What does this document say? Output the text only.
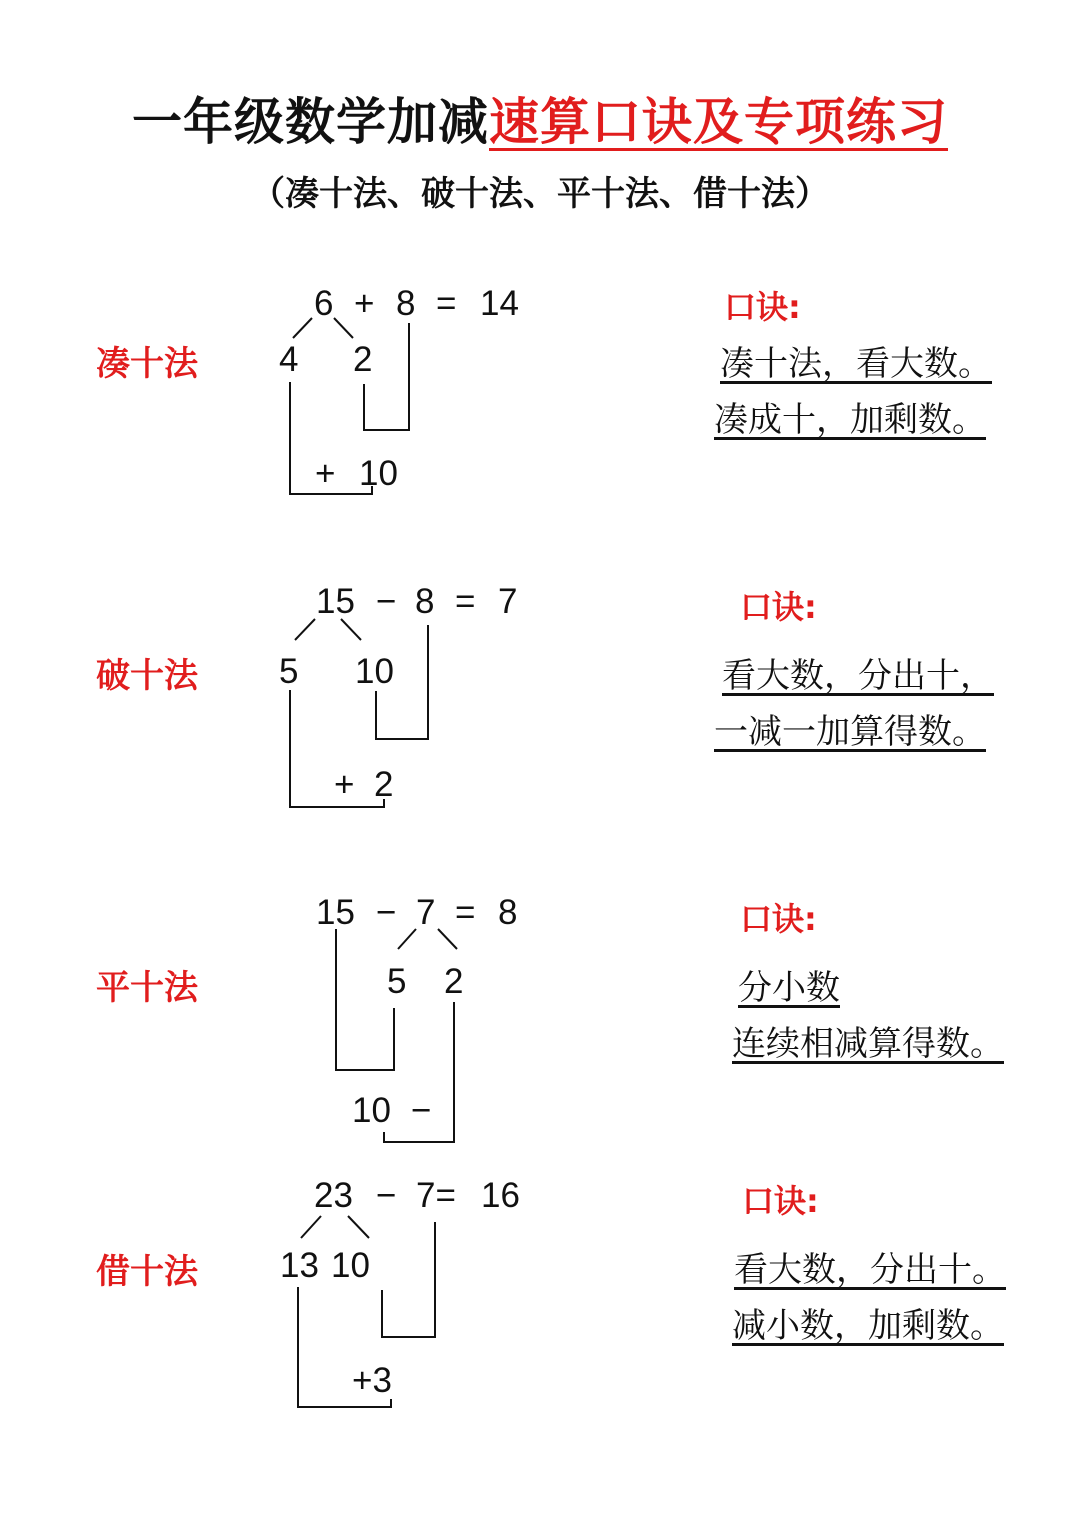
一年级数学加减速算口诀及专项练习
（凑十法、破十法、平十法、借十法）
凑十法
6 + 8 = 14
4 2
+ 10
口诀:
凑十法，看大数。
凑成十，加剩数。
破十法
15 − 8 = 7
5 10
+ 2
口诀:
看大数，分出十，
一减一加算得数。
平十法
15 − 7 = 8
5 2
10 −
口诀:
分小数
连续相减算得数。
借十法
23 − 7= 16
13 10
+3
口诀:
看大数，分出十。
减小数，加剩数。
